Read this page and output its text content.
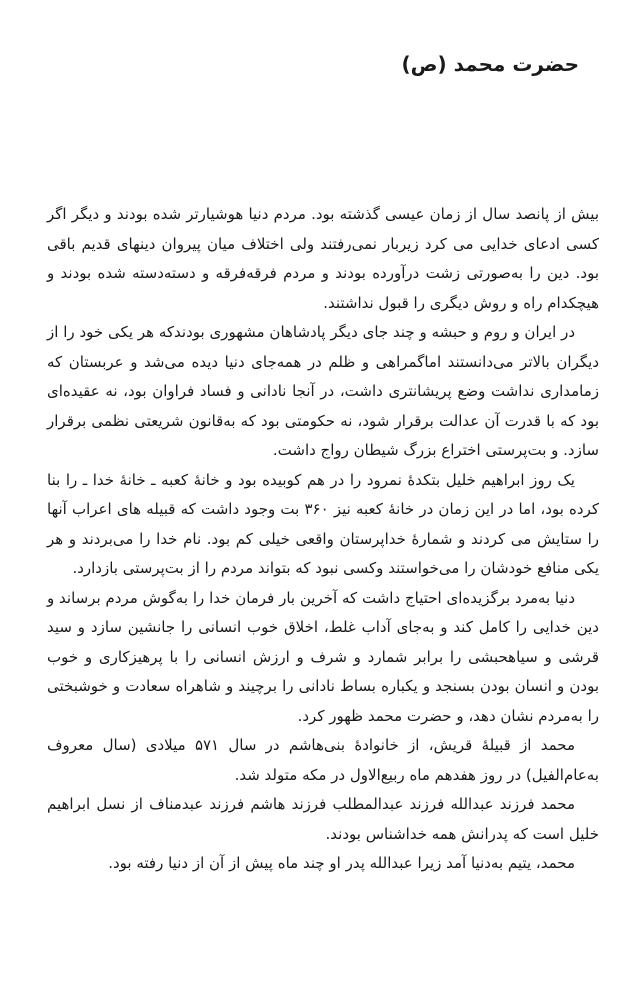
حضرت محمد (ص)

بیش از پانصد سال از زمان عیسی‌ گذشته بود. مردم دنیا هوشیارتر شده بودند و دیگر اگر کسی ادعای خدایی می کرد زیربار نمی‌رفتند ولی اختلاف میان پیروان دینهای قدیم باقی بود. دین را به‌صورتی زشت درآورده بودند و مردم فرقه‌فرقه و دسته‌دسته شده بودند و هیچکدام راه و روش دیگری را قبول نداشتند.

در ایران و روم و حبشه و چند جای دیگر پادشاهان مشهوری بودندکه هر یکی خود را از دیگران بالاتر می‌دانستند اماگمراهی و ظلم در همه‌جای دنیا دیده می‌شد و عربستان که زمامداری نداشت وضع پریشانتری داشت، در آنجا نادانی و فساد فراوان بود، نه عقیده‌ای بود که با قدرت آن عدالت برقرار شود، نه حکومتی بود که به‌قانون شریعتی نظمی برقرار سازد. و بت‌پرستی اختراع بزرگ شیطان رواج داشت.

یک روز ابراهیم خلیل بتکدهٔ نمرود را در هم کوبیده بود و خانهٔ کعبه ـ خانهٔ خدا ـ را بنا کرده بود، اما در این زمان در خانهٔ کعبه نیز ۳۶۰ بت وجود داشت که قبیله‌ های اعراب آنها را ستایش می ‌کردند و شمارهٔ خداپرستان واقعی خیلی کم بود. نام خدا را می‌بردند و هر یکی منافع خودشان را می‌خواستند وکسی نبود که بتواند مردم را از بت‌پرستی بازدارد.

دنیا به‌مرد برگزیده‌ای احتیاج داشت که آخرین بار فرمان خدا را به‌گوش مردم برساند و دین خدایی را کامل کند و به‌جای آداب غلط، اخلاق خوب انسانی را جانشین سازد و سید قرشی و سیاهحبشی را برابر شمارد و شرف و ارزش انسانی را با پرهیزکاری و خوب بودن و انسان بودن بسنجد و یکباره بساط نادانی را برچیند و شاهراه سعادت و خوشبختی را به‌مردم نشان دهد، و حضرت محمد ظهور کرد.

محمد از قبیلهٔ قریش، از خانوادهٔ بنی‌هاشم در سال ۵۷۱ میلادی (سال معروف به‌عام‌الفیل) در روز هفدهم ماه ربیع‌الاول در مکه متولد شد.

محمد فرزند عبدالله فرزند عبدالمطلب فرزند هاشم فرزند عبدمناف از نسل ابراهیم خلیل است که پدرانش همه خداشناس بودند.

محمد، یتیم به‌دنیا آمد زیرا عبدالله پدر او چند ماه پیش از آن از دنیا رفته بود.
